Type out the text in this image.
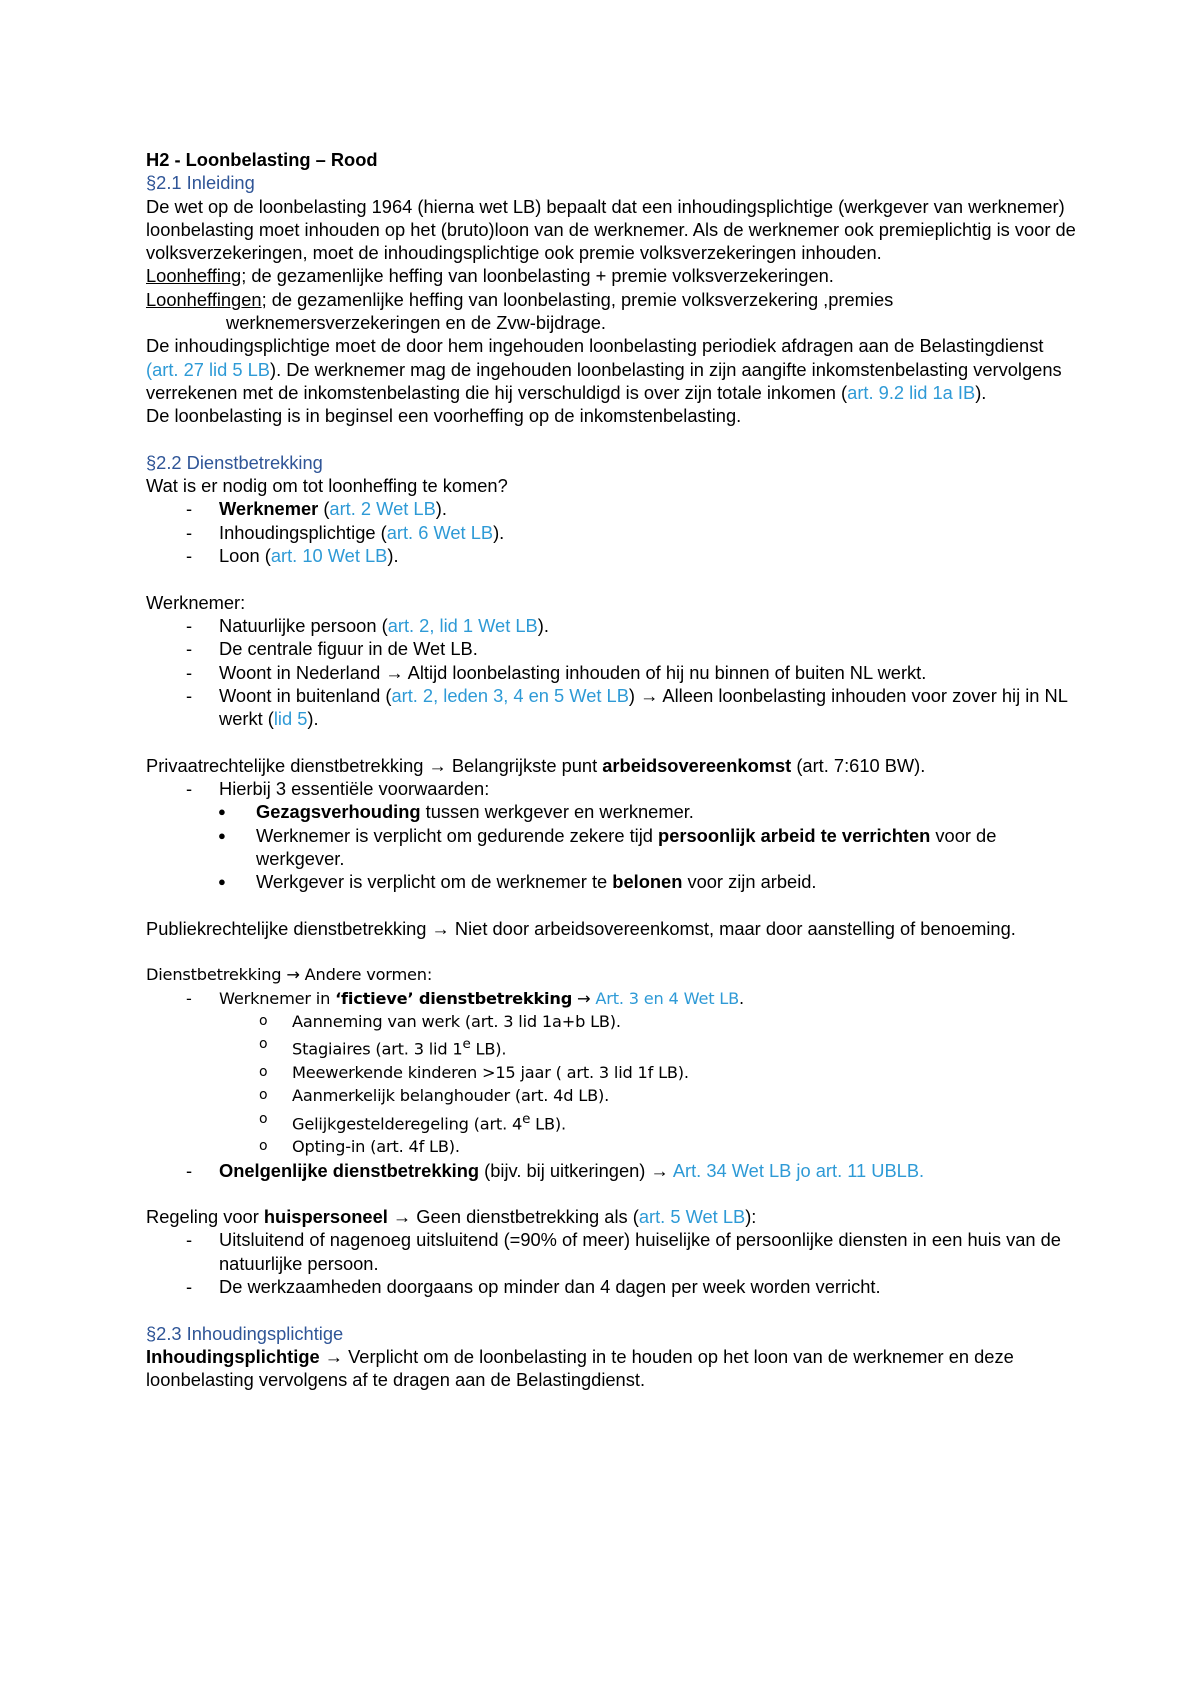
H2 - Loonbelasting – Rood

§2.1 Inleiding

De wet op de loonbelasting 1964 (hierna wet LB) bepaalt dat een inhoudingsplichtige (werkgever van werknemer) loonbelasting moet inhouden op het (bruto)loon van de werknemer. Als de werknemer ook premieplichtig is voor de volksverzekeringen, moet de inhoudingsplichtige ook premie volksverzekeringen inhouden.

Loonheffing; de gezamenlijke heffing van loonbelasting + premie volksverzekeringen.

Loonheffingen; de gezamenlijke heffing van loonbelasting, premie volksverzekering ,premies

werknemersverzekeringen en de Zvw-bijdrage.

De inhoudingsplichtige moet de door hem ingehouden loonbelasting periodiek afdragen aan de Belastingdienst (art. 27 lid 5 LB). De werknemer mag de ingehouden loonbelasting in zijn aangifte inkomstenbelasting vervolgens verrekenen met de inkomstenbelasting die hij verschuldigd is over zijn totale inkomen (art. 9.2 lid 1a IB).

De loonbelasting is in beginsel een voorheffing op de inkomstenbelasting.

§2.2 Dienstbetrekking

Wat is er nodig om tot loonheffing te komen?

- Werknemer (art. 2 Wet LB).
- Inhoudingsplichtige (art. 6 Wet LB).
- Loon (art. 10 Wet LB).

Werknemer:

- Natuurlijke persoon (art. 2, lid 1 Wet LB).
- De centrale figuur in de Wet LB.
- Woont in Nederland → Altijd loonbelasting inhouden of hij nu binnen of buiten NL werkt.
- Woont in buitenland (art. 2, leden 3, 4 en 5 Wet LB) → Alleen loonbelasting inhouden voor zover hij in NL werkt (lid 5).

Privaatrechtelijke dienstbetrekking → Belangrijkste punt arbeidsovereenkomst (art. 7:610 BW).

- Hierbij 3 essentiële voorwaarden:
● Gezagsverhouding tussen werkgever en werknemer.
● Werknemer is verplicht om gedurende zekere tijd persoonlijk arbeid te verrichten voor de werkgever.
● Werkgever is verplicht om de werknemer te belonen voor zijn arbeid.

Publiekrechtelijke dienstbetrekking → Niet door arbeidsovereenkomst, maar door aanstelling of benoeming.

Dienstbetrekking → Andere vormen:

- Werknemer in ‘fictieve’ dienstbetrekking → Art. 3 en 4 Wet LB.
o Aanneming van werk (art. 3 lid 1a+b LB).
o Stagiaires (art. 3 lid 1e LB).
o Meewerkende kinderen >15 jaar ( art. 3 lid 1f LB).
o Aanmerkelijk belanghouder (art. 4d LB).
o Gelijkgestelderegeling (art. 4e LB).
o Opting-in (art. 4f LB).
- Onelgenlijke dienstbetrekking (bijv. bij uitkeringen) → Art. 34 Wet LB jo art. 11 UBLB.

Regeling voor huispersoneel → Geen dienstbetrekking als (art. 5 Wet LB):

- Uitsluitend of nagenoeg uitsluitend (=90% of meer) huiselijke of persoonlijke diensten in een huis van de natuurlijke persoon.
- De werkzaamheden doorgaans op minder dan 4 dagen per week worden verricht.

§2.3 Inhoudingsplichtige

Inhoudingsplichtige → Verplicht om de loonbelasting in te houden op het loon van de werknemer en deze loonbelasting vervolgens af te dragen aan de Belastingdienst.
